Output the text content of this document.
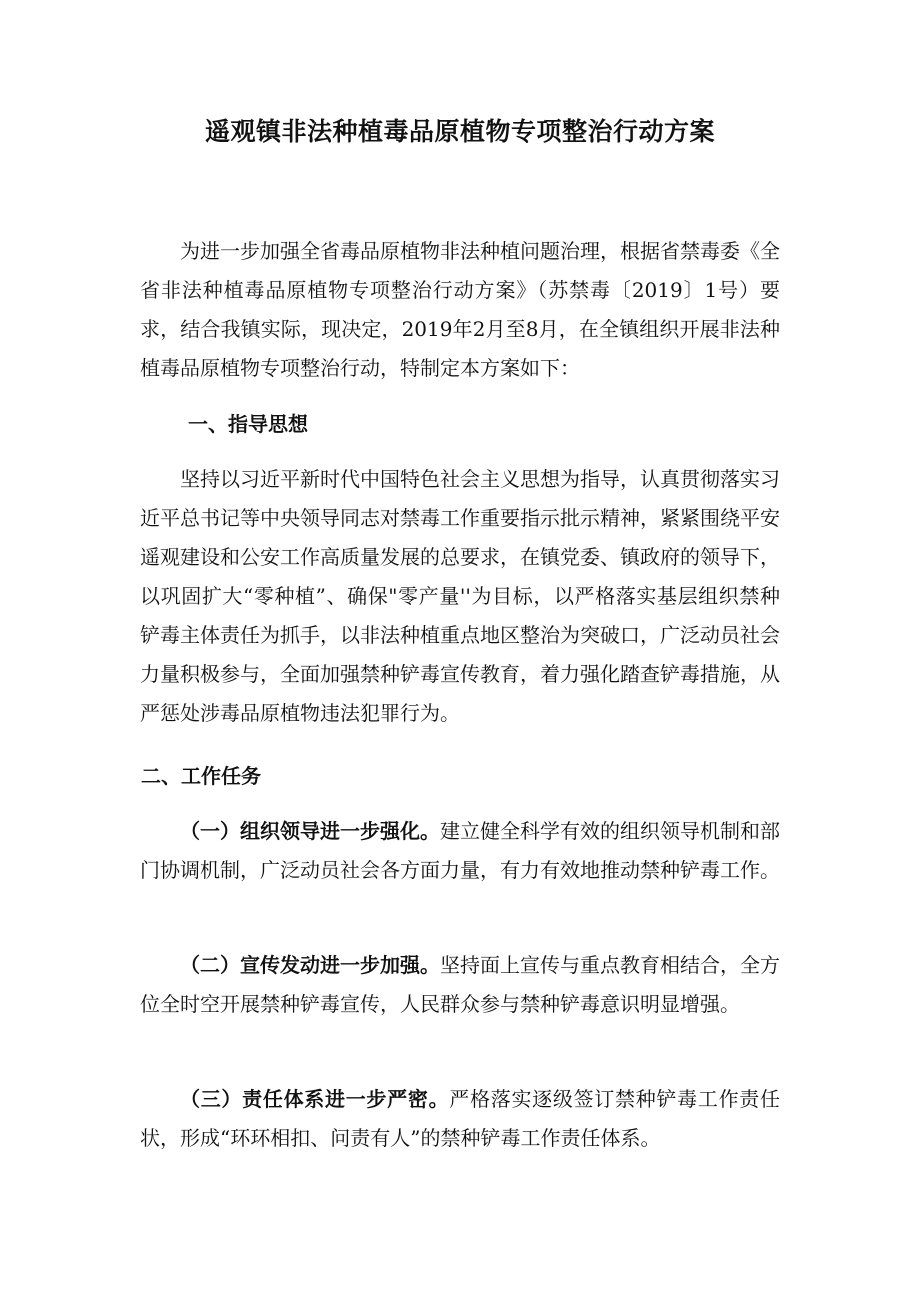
遥观镇非法种植毒品原植物专项整治行动方案

为进一步加强全省毒品原植物非法种植问题治理，根据省禁毒委《全省非法种植毒品原植物专项整治行动方案》（苏禁毒〔2019〕1号）要求，结合我镇实际，现决定，2019年2月至8月，在全镇组织开展非法种植毒品原植物专项整治行动，特制定本方案如下：

一、指导思想

坚持以习近平新时代中国特色社会主义思想为指导，认真贯彻落实习近平总书记等中央领导同志对禁毒工作重要指示批示精神，紧紧围绕平安遥观建设和公安工作高质量发展的总要求，在镇党委、镇政府的领导下，以巩固扩大“零种植”、确保"零产量''为目标，以严格落实基层组织禁种铲毒主体责任为抓手，以非法种植重点地区整治为突破口，广泛动员社会力量积极参与，全面加强禁种铲毒宣传教育，着力强化踏查铲毒措施，从严惩处涉毒品原植物违法犯罪行为。

二、工作任务

（一）组织领导进一步强化。建立健全科学有效的组织领导机制和部门协调机制，广泛动员社会各方面力量，有力有效地推动禁种铲毒工作。

（二）宣传发动进一步加强。坚持面上宣传与重点教育相结合，全方位全时空开展禁种铲毒宣传，人民群众参与禁种铲毒意识明显增强。

（三）责任体系进一步严密。严格落实逐级签订禁种铲毒工作责任状，形成“环环相扣、问责有人”的禁种铲毒工作责任体系。
